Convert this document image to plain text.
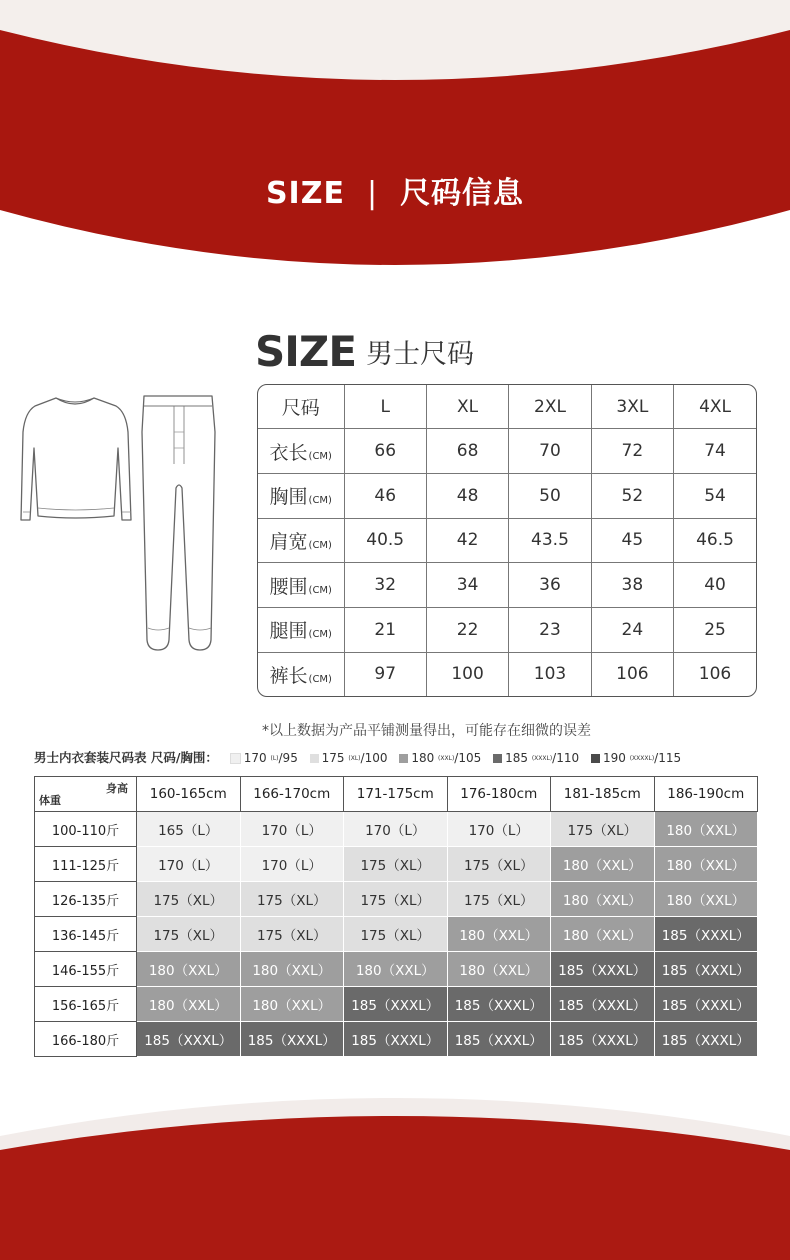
SIZE | 尺码信息
SIZE 男士尺码
尺码	L	XL	2XL	3XL	4XL
衣长(CM)	66	68	70	72	74
胸围(CM)	46	48	50	52	54
肩宽(CM)	40.5	42	43.5	45	46.5
腰围(CM)	32	34	36	38	40
腿围(CM)	21	22	23	24	25
裤长(CM)	97	100	103	106	106
*以上数据为产品平铺测量得出，可能存在细微的误差
男士内衣套装尺码表 尺码/胸围： 170 (L)/95 175 (XL)/100 180 (XXL)/105 185 (XXXL)/110 190 (XXXXL)/115
身高
体重	160-165cm	166-170cm	171-175cm	176-180cm	181-185cm	186-190cm
100-110斤	165（L）	170（L）	170（L）	170（L）	175（XL）	180（XXL）
111-125斤	170（L）	170（L）	175（XL）	175（XL）	180（XXL）	180（XXL）
126-135斤	175（XL）	175（XL）	175（XL）	175（XL）	180（XXL）	180（XXL）
136-145斤	175（XL）	175（XL）	175（XL）	180（XXL）	180（XXL）	185（XXXL）
146-155斤	180（XXL）	180（XXL）	180（XXL）	180（XXL）	185（XXXL）	185（XXXL）
156-165斤	180（XXL）	180（XXL）	185（XXXL）	185（XXXL）	185（XXXL）	185（XXXL）
166-180斤	185（XXXL）	185（XXXL）	185（XXXL）	185（XXXL）	185（XXXL）	185（XXXL）
